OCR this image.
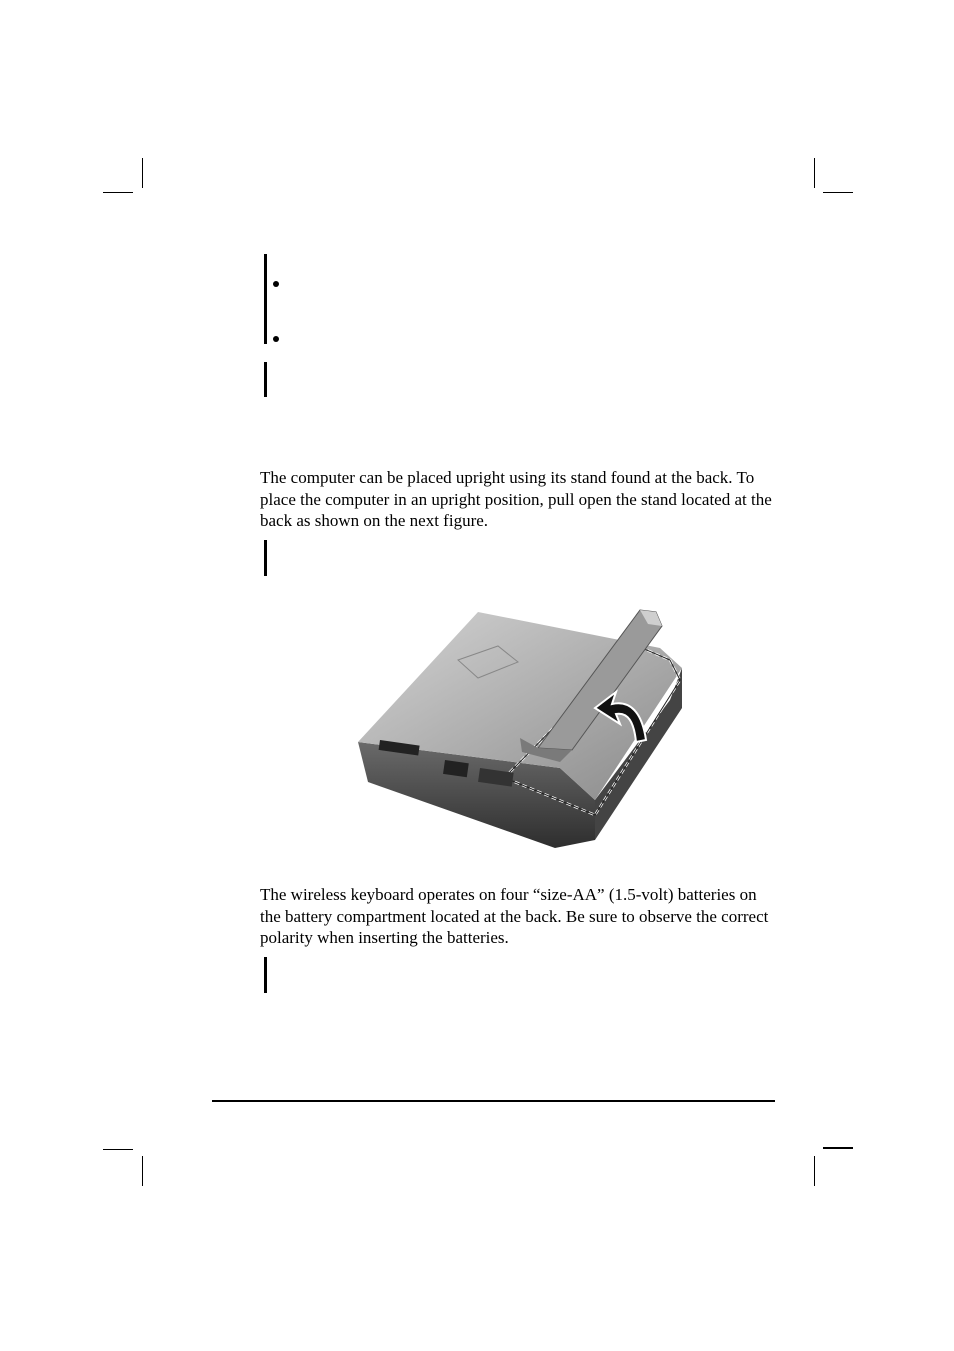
The computer can be placed upright using its stand found at the back. To place the computer in an upright position, pull open the stand located at the back as shown on the next figure.

The wireless keyboard operates on four “size-AA” (1.5-volt) batteries on the battery compartment located at the back. Be sure to observe the correct polarity when inserting the batteries.
